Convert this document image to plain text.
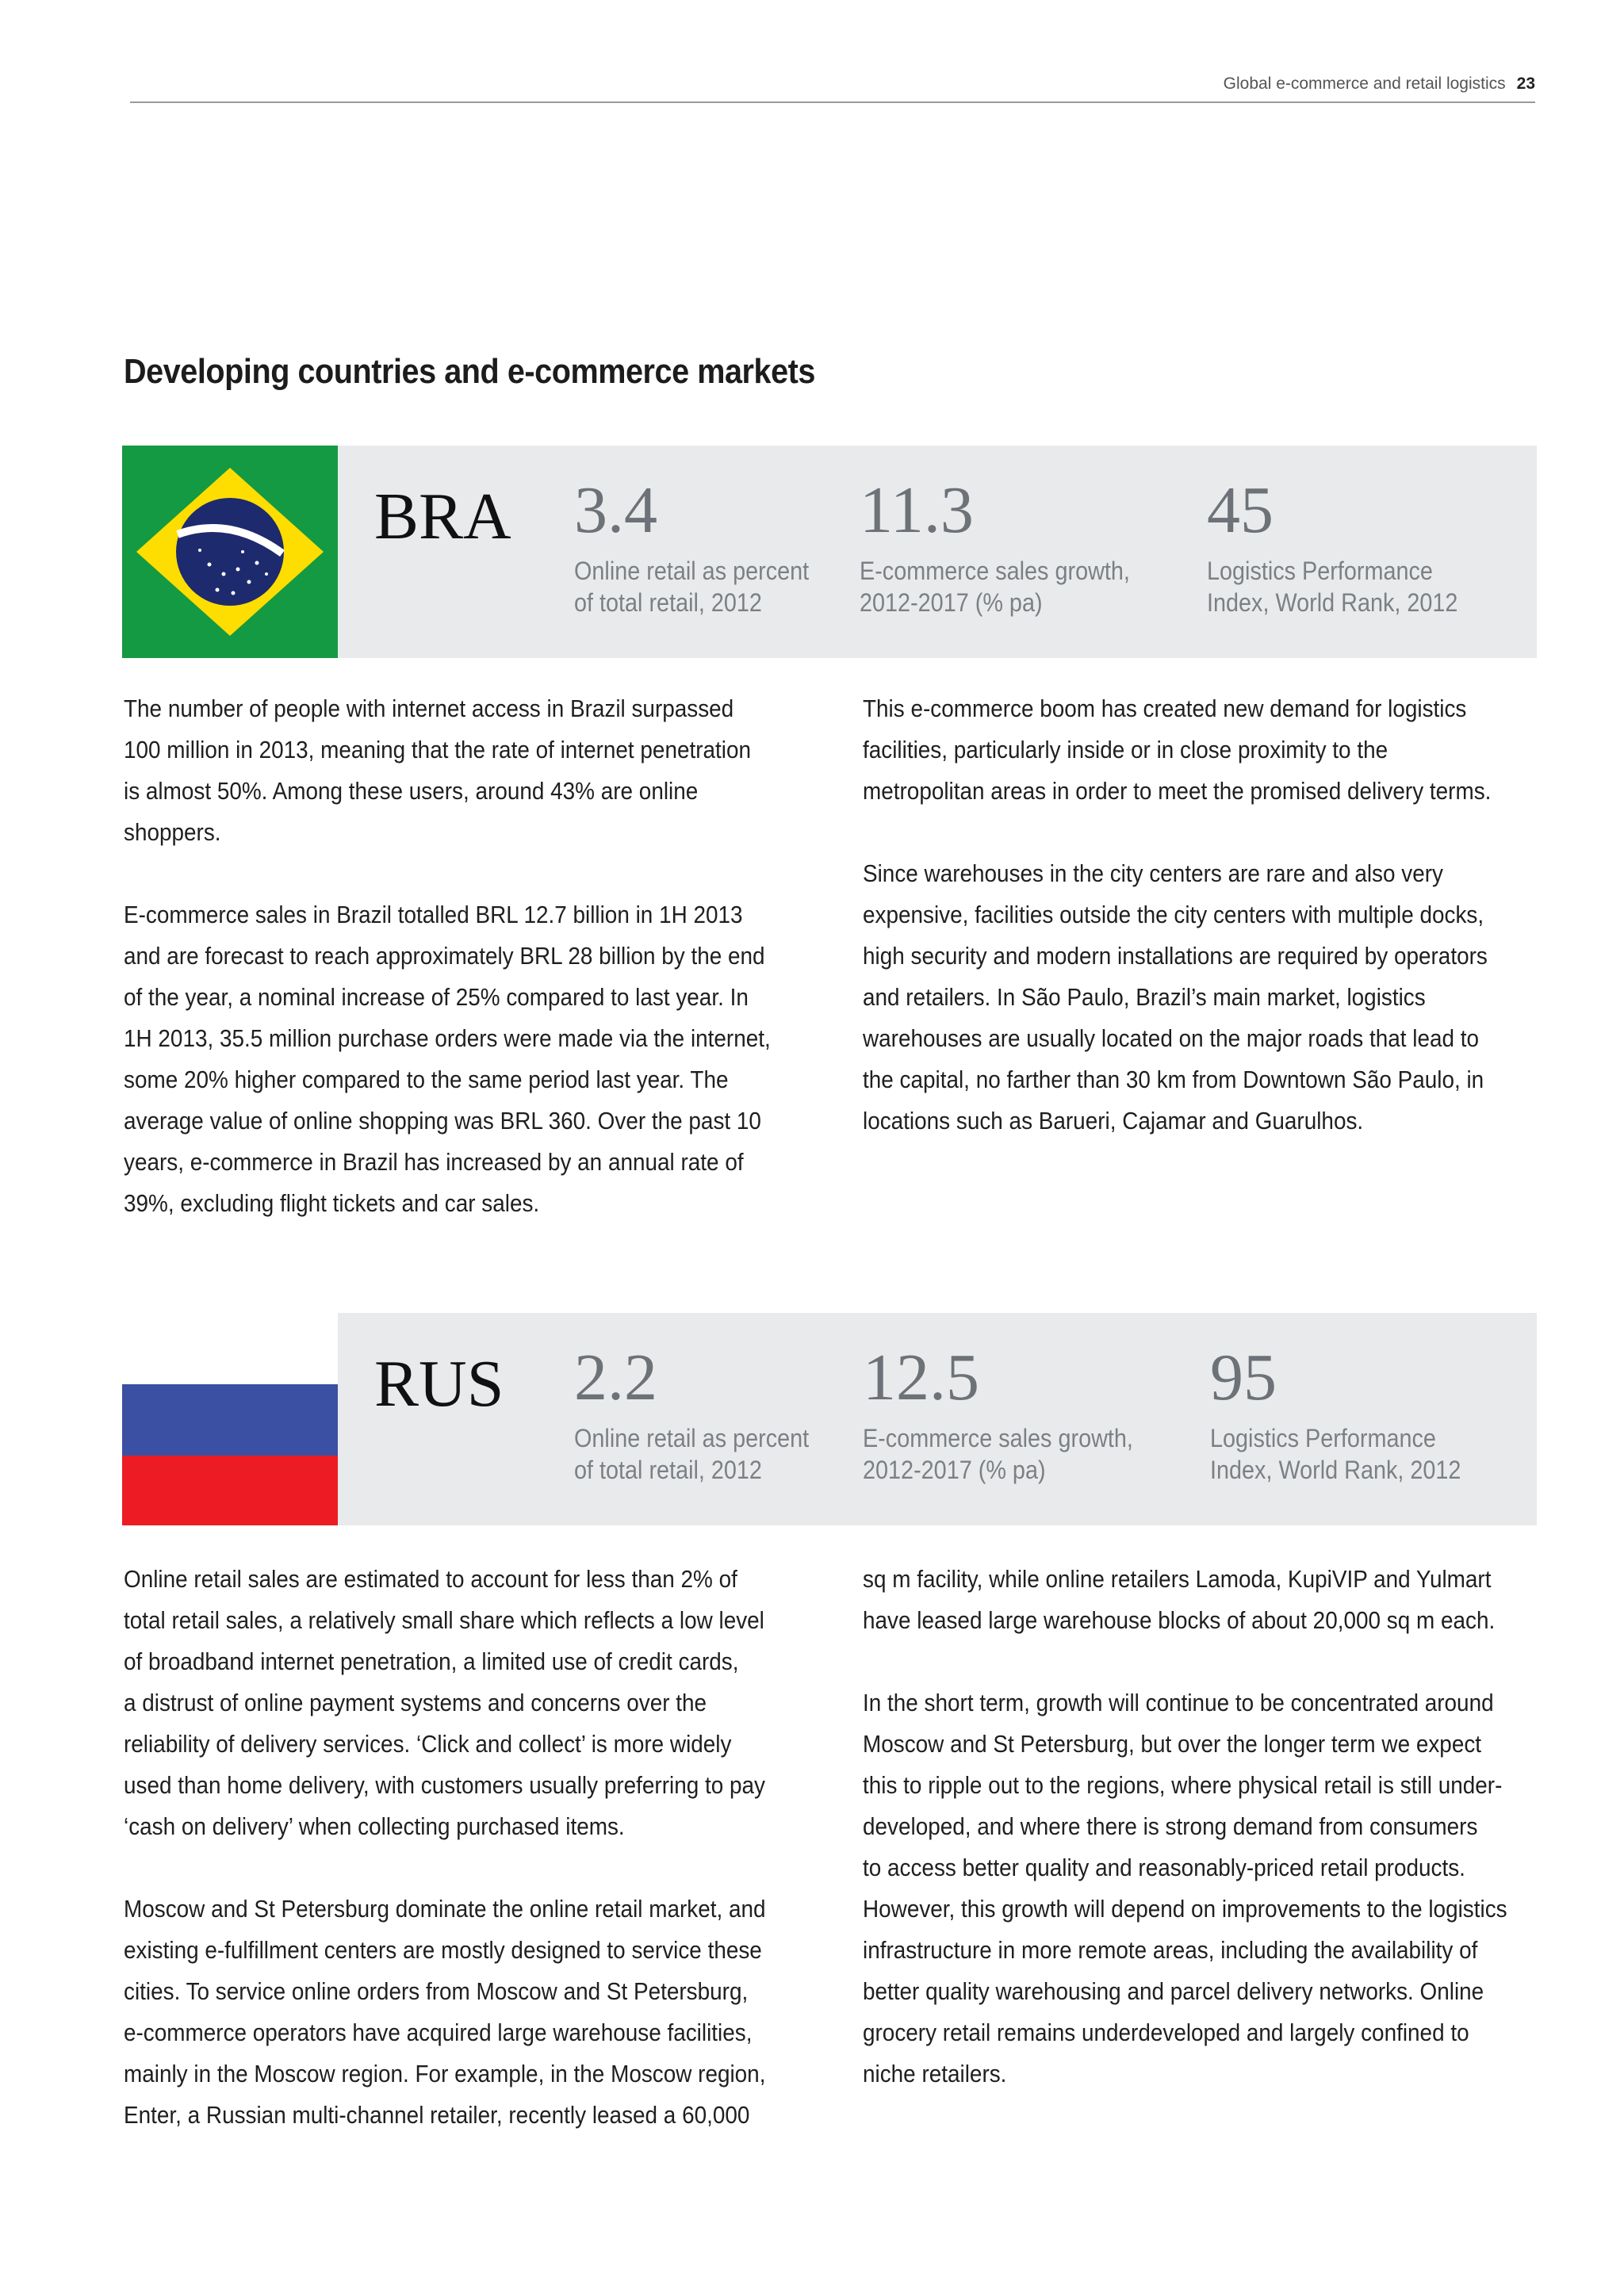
Global e-commerce and retail logistics 23
Developing countries and e-commerce markets
BRA 3.4
Online retail as percent
of total retail, 2012
11.3
E-commerce sales growth,
2012-2017 (% pa)
45
Logistics Performance
Index, World Rank, 2012

The number of people with internet access in Brazil surpassed
100 million in 2013, meaning that the rate of internet penetration
is almost 50%. Among these users, around 43% are online
shoppers.

E-commerce sales in Brazil totalled BRL 12.7 billion in 1H 2013
and are forecast to reach approximately BRL 28 billion by the end
of the year, a nominal increase of 25% compared to last year. In
1H 2013, 35.5 million purchase orders were made via the internet,
some 20% higher compared to the same period last year. The
average value of online shopping was BRL 360. Over the past 10
years, e-commerce in Brazil has increased by an annual rate of
39%, excluding flight tickets and car sales.

This e-commerce boom has created new demand for logistics
facilities, particularly inside or in close proximity to the
metropolitan areas in order to meet the promised delivery terms.

Since warehouses in the city centers are rare and also very
expensive, facilities outside the city centers with multiple docks,
high security and modern installations are required by operators
and retailers. In São Paulo, Brazil’s main market, logistics
warehouses are usually located on the major roads that lead to
the capital, no farther than 30 km from Downtown São Paulo, in
locations such as Barueri, Cajamar and Guarulhos.

RUS 2.2
Online retail as percent
of total retail, 2012
12.5
E-commerce sales growth,
2012-2017 (% pa)
95
Logistics Performance
Index, World Rank, 2012

Online retail sales are estimated to account for less than 2% of
total retail sales, a relatively small share which reflects a low level
of broadband internet penetration, a limited use of credit cards,
a distrust of online payment systems and concerns over the
reliability of delivery services. ‘Click and collect’ is more widely
used than home delivery, with customers usually preferring to pay
‘cash on delivery’ when collecting purchased items.

Moscow and St Petersburg dominate the online retail market, and
existing e-fulfillment centers are mostly designed to service these
cities. To service online orders from Moscow and St Petersburg,
e-commerce operators have acquired large warehouse facilities,
mainly in the Moscow region. For example, in the Moscow region,
Enter, a Russian multi-channel retailer, recently leased a 60,000

sq m facility, while online retailers Lamoda, KupiVIP and Yulmart
have leased large warehouse blocks of about 20,000 sq m each.

In the short term, growth will continue to be concentrated around
Moscow and St Petersburg, but over the longer term we expect
this to ripple out to the regions, where physical retail is still under-
developed, and where there is strong demand from consumers
to access better quality and reasonably-priced retail products.
However, this growth will depend on improvements to the logistics
infrastructure in more remote areas, including the availability of
better quality warehousing and parcel delivery networks. Online
grocery retail remains underdeveloped and largely confined to
niche retailers.
